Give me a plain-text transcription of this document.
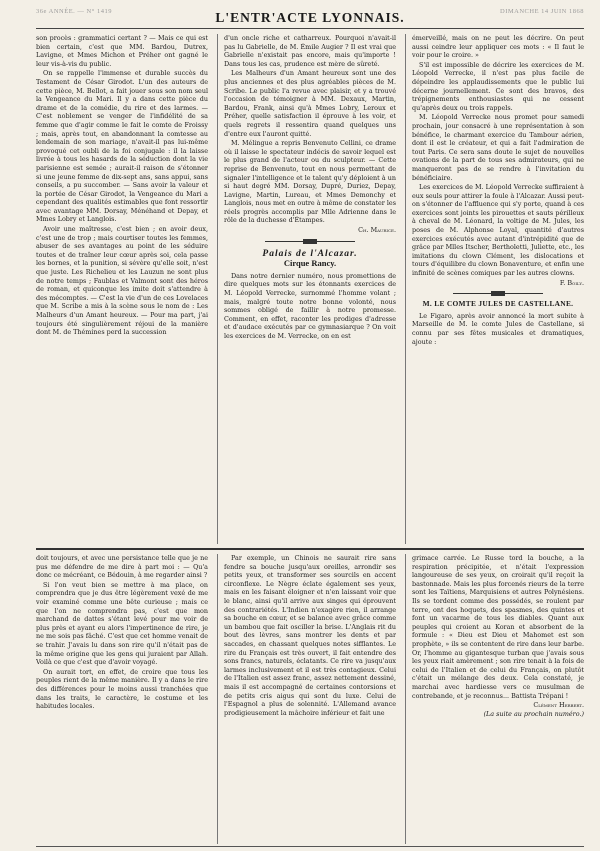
36e ANNÉE. — N° 1419	L'ENTR'ACTE LYONNAIS.	DIMANCHE 14 JUIN 1868

son procès : grammatici certant ? — Mais ce qui est bien certain, c'est que MM. Bardou, Dutrex, Lavigne, et Mmes Michon et Préher ont gagné le leur vis-à-vis du public.

On se rappelle l'immense et durable succès du Testament de César Girodot. L'un des auteurs de cette pièce, M. Bellot, a fait jouer sous son nom seul la Vengeance du Mari. Il y a dans cette pièce du drame et de la comédie, du rire et des larmes. — C'est noblement se venger de l'infidélité de sa femme que d'agir comme le fait le comte de Froissy ; mais, après tout, en abandonnant la comtesse au lendemain de son mariage, n'avait-il pas lui-même provoqué cet oubli de la foi conjugale : il la laisse livrée à tous les hasards de la séduction dont la vie parisienne est semée ; aurait-il raison de s'étonner si une jeune femme de dix-sept ans, sans appui, sans conseils, a pu succomber. — Sans avoir la valeur et la portée de César Girodot, la Vengeance du Mari a cependant des qualités estimables que font ressortir avec avantage MM. Dorsay, Ménéhand et Depay, et Mmes Lobry et Langlois.

Avoir une maîtresse, c'est bien ; en avoir deux, c'est une de trop ; mais courtiser toutes les femmes, abuser de ses avantages au point de les séduire toutes et de traîner leur cœur après soi, cela passe les bornes, et la punition, si sévère qu'elle soit, n'est que juste. Les Richelieu et les Lauzun ne sont plus de notre temps ; Faublas et Valmont sont des héros de roman, et quiconque les imite doit s'attendre à des mécomptes. — C'est la vie d'un de ces Lovelaces que M. Scribe a mis à la scène sous le nom de : Les Malheurs d'un Amant heureux. — Pour ma part, j'ai toujours été singulièrement réjoui de la manière dont M. de Thémines perd la succession

d'un oncle riche et catharreux. Pourquoi n'avait-il pas lu Gabrielle, de M. Émile Augier ? Il est vrai que Gabrielle n'existait pas encore, mais qu'importe ! Dans tous les cas, prudence est mère de sûreté.

Les Malheurs d'un Amant heureux sont une des plus anciennes et des plus agréables pièces de M. Scribe. Le public l'a revue avec plaisir, et y a trouvé l'occasion de témoigner à MM. Dexaux, Martin, Bardou, Frank, ainsi qu'à Mmes Lobry, Leroux et Préher, quelle satisfaction il éprouve à les voir, et quels regrets il ressentira quand quelques uns d'entre eux l'auront quitté.

M. Mélingue a repris Benvenuto Cellini, ce drame où il laisse le spectateur indécis de savoir lequel est le plus grand de l'acteur ou du sculpteur. — Cette reprise de Benvenuto, tout en nous permettant de signaler l'intelligence et le talent qu'y déploient à un si haut degré MM. Dorsay, Dupré, Duriez, Depay, Lavigne, Martin, Lureau, et Mmes Demonchy et Langlois, nous met en outre à même de constater les réels progrès accomplis par Mlle Adrienne dans le rôle de la duchesse d'Étampes.

Ch. Maurice.
Palais de l'Alcazar.
Cirque Rancy.

Dans notre dernier numéro, nous promettions de dire quelques mots sur les étonnants exercices de M. Léopold Verrecke, surnommé l'homme volant ; mais, malgré toute notre bonne volonté, nous sommes obligé de faillir à notre promesse. Comment, en effet, raconter les prodiges d'adresse et d'audace exécutés par ce gymnasiarque ? On voit les exercices de M. Verrecke, on en est

émerveillé, mais on ne peut les décrire. On peut aussi ceindre leur appliquer ces mots : « Il faut le voir pour le croire. »

S'il est impossible de décrire les exercices de M. Léopold Verrecke, il n'est pas plus facile de dépeindre les applaudissements que le public lui décerne journellement. Ce sont des bravos, des trépignements enthousiastes qui ne cessent qu'après deux ou trois rappels.

M. Léopold Verrecke nous promet pour samedi prochain, jour consacré à une représentation à son bénéfice, le charmant exercice du Tambour aérien, dont il est le créateur, et qui a fait l'admiration de tout Paris. Ce sera sans doute le sujet de nouvelles ovations de la part de tous ses admirateurs, qui ne manqueront pas de se rendre à l'invitation du bénéficiaire.

Les exercices de M. Léopold Verrecke suffiraient à eux seuls pour attirer la foule à l'Alcazar. Aussi peut-on s'étonner de l'affluence qui s'y porte, quand à ces exercices sont joints les pirouettes et sauts périlleux à cheval de M. Léonard, la voltige de M. Jules, les poses de M. Alphonse Loyal, quantité d'autres exercices exécutés avec autant d'intrépidité que de grâce par Mlles Itscher, Bertholetti, Juliette, etc., les imitations du clown Clément, les dislocations et tours d'équilibre du clown Bonaventure, et enfin une infinité de scènes comiques par les autres clowns.

F. Boily.
M. LE COMTE JULES DE CASTELLANE.

Le Figaro, après avoir annoncé la mort subite à Marseille de M. le comte Jules de Castellane, si connu par ses fêtes musicales et dramatiques, ajoute :

doit toujours, et avec une persistance telle que je ne pus me défendre de me dire à part moi : — Qu'a donc ce mécréant, ce Bédouin, à me regarder ainsi ?

Si l'on veut bien se mettre à ma place, on comprendra que je dus être légèrement vexé de me voir examiné comme une bête curieuse ; mais ce que l'on ne comprendra pas, c'est que mon marchand de dattes s'étant levé pour me voir de plus près et ayant eu alors l'impertinence de rire, je ne me sois pas fâché. C'est que cet homme venait de se trahir. J'avais lu dans son rire qu'il n'était pas de la même origine que les gens qui juraient par Allah. Voilà ce que c'est que d'avoir voyagé.

On aurait tort, en effet, de croire que tous les peuples rient de la même manière. Il y a dans le rire des différences pour le moins aussi tranchées que dans les traits, le caractère, le costume et les habitudes locales.

Par exemple, un Chinois ne saurait rire sans fendre sa bouche jusqu'aux oreilles, arrondir ses petits yeux, et transformer ses sourcils en accent circonflexe. Le Nègre éclate également ses yeux, mais en les faisant éloigner et n'en laissant voir que le blanc, ainsi qu'il arrive aux singes qui éprouvent des contrariétés. L'Indien n'exagère rien, il arrange sa bouche en cœur, et se balance avec grâce comme un bambou que fait osciller la brise. L'Anglais rit du bout des lèvres, sans montrer les dents et par saccades, en chassant quelques notes sifflantes. Le rire du Français est très ouvert, il fait entendre des sons francs, naturels, éclatants. Ce rire va jusqu'aux larmes inclusivement et il est très contagieux. Celui de l'Italien est assez franc, assez nettement dessiné, mais il est accompagné de certaines contorsions et de petits cris aigus qui sont du luxe. Celui de l'Espagnol a plus de solennité. L'Allemand avance prodigieusement la mâchoire inférieur et fait une

grimace carrée. Le Russe tord la bouche, a la respiration précipitée, et n'était l'expression langoureuse de ses yeux, on croirait qu'il reçoit la bastonnade. Mais les plus forcenés rieurs de la terre sont les Taïtiens, Marquisiens et autres Polynésiens. Ils se tordent comme des possédés, se roulent par terre, ont des hoquets, des spasmes, des quintes et font un vacarme de tous les diables. Quant aux peuples qui croient au Koran et absorbent de la formule : « Dieu est Dieu et Mahomet est son prophète, » ils se contentent de rire dans leur barbe. Or, l'homme au gigantesque turban que j'avais sous les yeux riait amèrement ; son rire tenait à la fois de celui de l'Italien et de celui du Français, on plutôt c'était un mélange des deux. Cela constaté, je marchai avec hardiesse vers ce musulman de contrebande, et je reconnus... Battista Trépani !

Clément Herbert.
(La suite au prochain numéro.)
